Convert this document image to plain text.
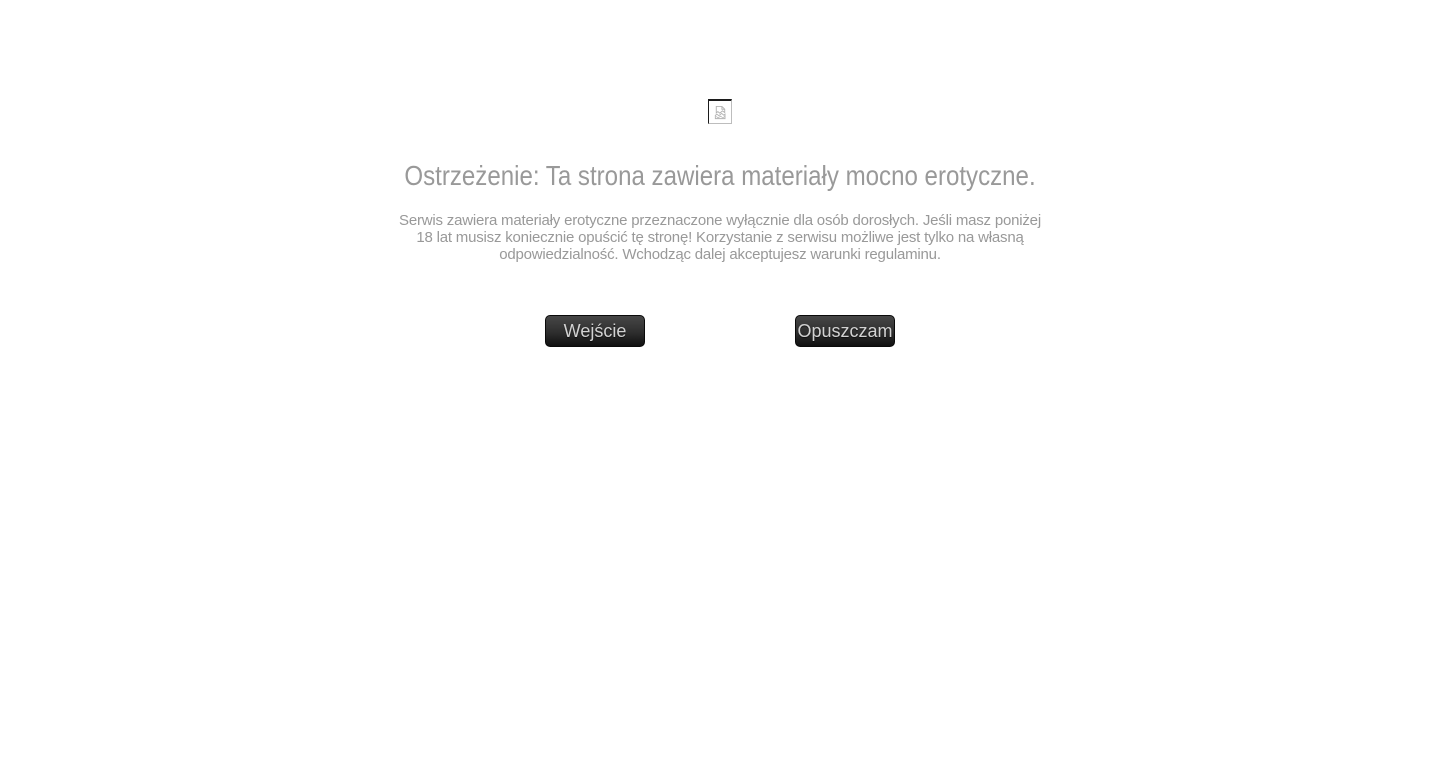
Ostrzeżenie: Ta strona zawiera materiały mocno erotyczne.

Serwis zawiera materiały erotyczne przeznaczone wyłącznie dla osób dorosłych. Jeśli masz poniżej 18 lat musisz koniecznie opuścić tę stronę! Korzystanie z serwisu możliwe jest tylko na własną odpowiedzialność. Wchodząc dalej akceptujesz warunki regulaminu.

Wejście	Opuszczam
